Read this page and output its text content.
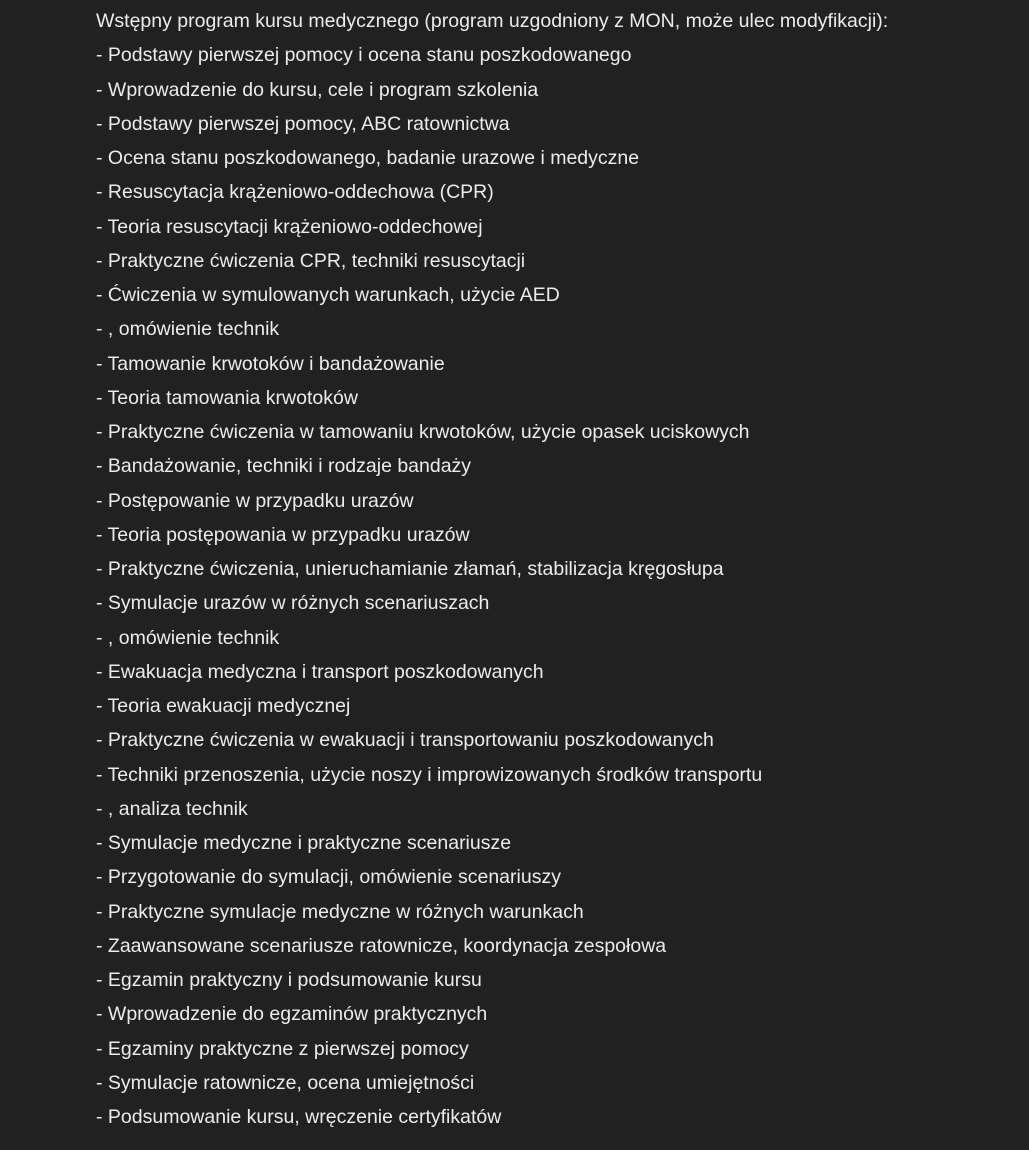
Wstępny program kursu medycznego (program uzgodniony z MON, może ulec modyfikacji):

- Podstawy pierwszej pomocy i ocena stanu poszkodowanego
- Wprowadzenie do kursu, cele i program szkolenia
- Podstawy pierwszej pomocy, ABC ratownictwa
- Ocena stanu poszkodowanego, badanie urazowe i medyczne
- Resuscytacja krążeniowo-oddechowa (CPR)
- Teoria resuscytacji krążeniowo-oddechowej
- Praktyczne ćwiczenia CPR, techniki resuscytacji
- Ćwiczenia w symulowanych warunkach, użycie AED
- , omówienie technik
- Tamowanie krwotoków i bandażowanie
- Teoria tamowania krwotoków
- Praktyczne ćwiczenia w tamowaniu krwotoków, użycie opasek uciskowych
- Bandażowanie, techniki i rodzaje bandaży
- Postępowanie w przypadku urazów
- Teoria postępowania w przypadku urazów
- Praktyczne ćwiczenia, unieruchamianie złamań, stabilizacja kręgosłupa
- Symulacje urazów w różnych scenariuszach
- , omówienie technik
- Ewakuacja medyczna i transport poszkodowanych
- Teoria ewakuacji medycznej
- Praktyczne ćwiczenia w ewakuacji i transportowaniu poszkodowanych
- Techniki przenoszenia, użycie noszy i improwizowanych środków transportu
- , analiza technik
- Symulacje medyczne i praktyczne scenariusze
- Przygotowanie do symulacji, omówienie scenariuszy
- Praktyczne symulacje medyczne w różnych warunkach
- Zaawansowane scenariusze ratownicze, koordynacja zespołowa
- Egzamin praktyczny i podsumowanie kursu
- Wprowadzenie do egzaminów praktycznych
- Egzaminy praktyczne z pierwszej pomocy
- Symulacje ratownicze, ocena umiejętności
- Podsumowanie kursu, wręczenie certyfikatów
